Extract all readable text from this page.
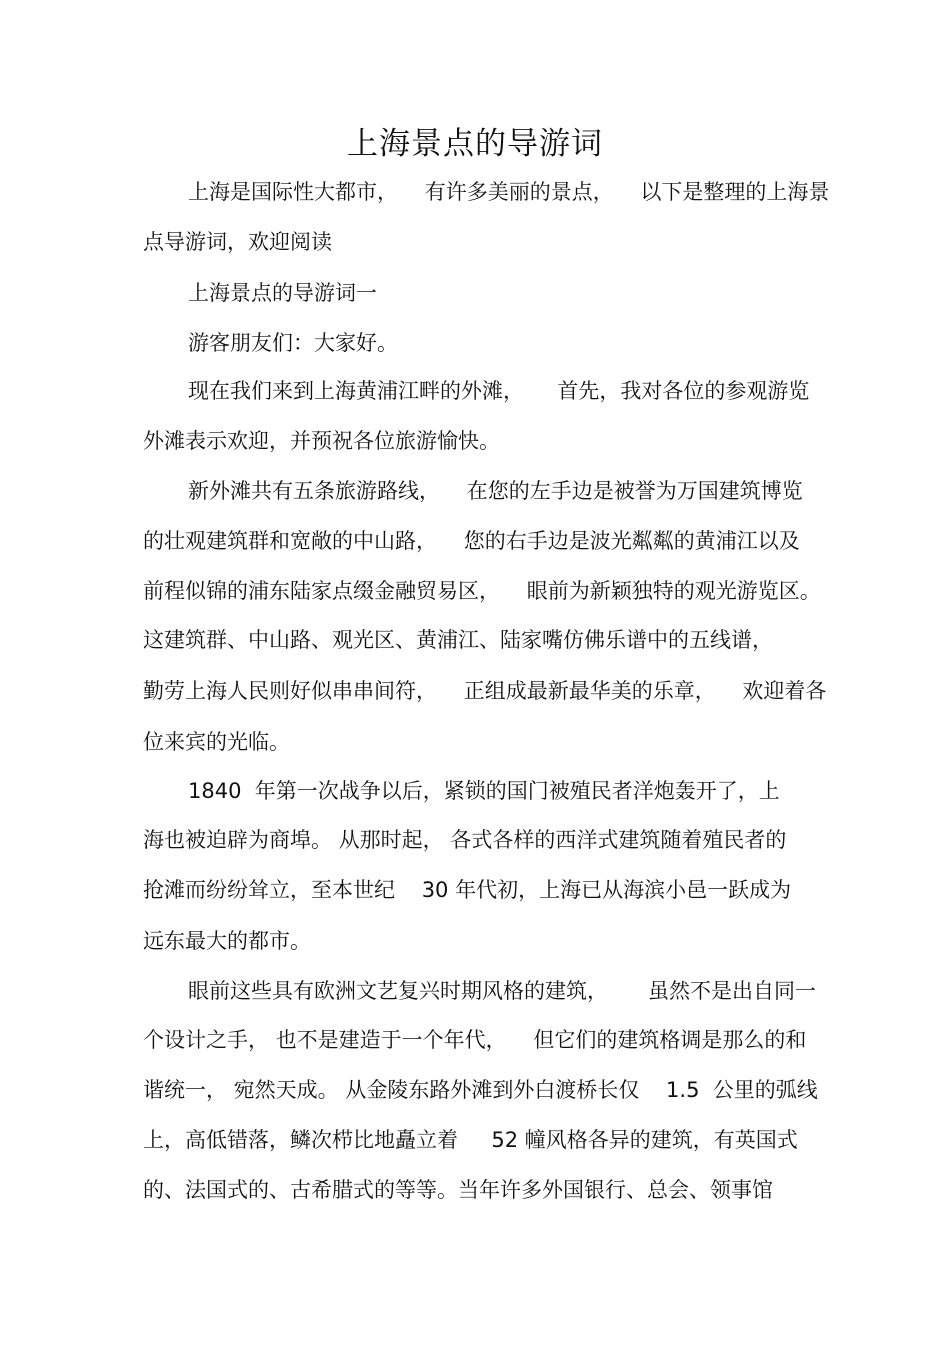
上海景点的导游词
上海是国际性大都市，    有许多美丽的景点，    以下是整理的上海景
点导游词，欢迎阅读
上海景点的导游词一
游客朋友们：大家好。
现在我们来到上海黄浦江畔的外滩，     首先，我对各位的参观游览
外滩表示欢迎，并预祝各位旅游愉快。
新外滩共有五条旅游路线，    在您的左手边是被誉为万国建筑博览
的壮观建筑群和宽敞的中山路，    您的右手边是波光粼粼的黄浦江以及
前程似锦的浦东陆家点缀金融贸易区，    眼前为新颖独特的观光游览区。
这建筑群、中山路、观光区、黄浦江、陆家嘴仿佛乐谱中的五线谱，
勤劳上海人民则好似串串间符，    正组成最新最华美的乐章，    欢迎着各
位来宾的光临。
1840  年第一次战争以后，紧锁的国门被殖民者洋炮轰开了，上
海也被迫辟为商埠。 从那时起， 各式各样的西洋式建筑随着殖民者的
抢滩而纷纷耸立，至本世纪    30 年代初，上海已从海滨小邑一跃成为
远东最大的都市。
眼前这些具有欧洲文艺复兴时期风格的建筑，      虽然不是出自同一
个设计之手， 也不是建造于一个年代，    但它们的建筑格调是那么的和
谐统一， 宛然天成。 从金陵东路外滩到外白渡桥长仅    1.5  公里的弧线
上，高低错落，鳞次栉比地矗立着     52 幢风格各异的建筑，有英国式
的、法国式的、古希腊式的等等。当年许多外国银行、总会、领事馆
